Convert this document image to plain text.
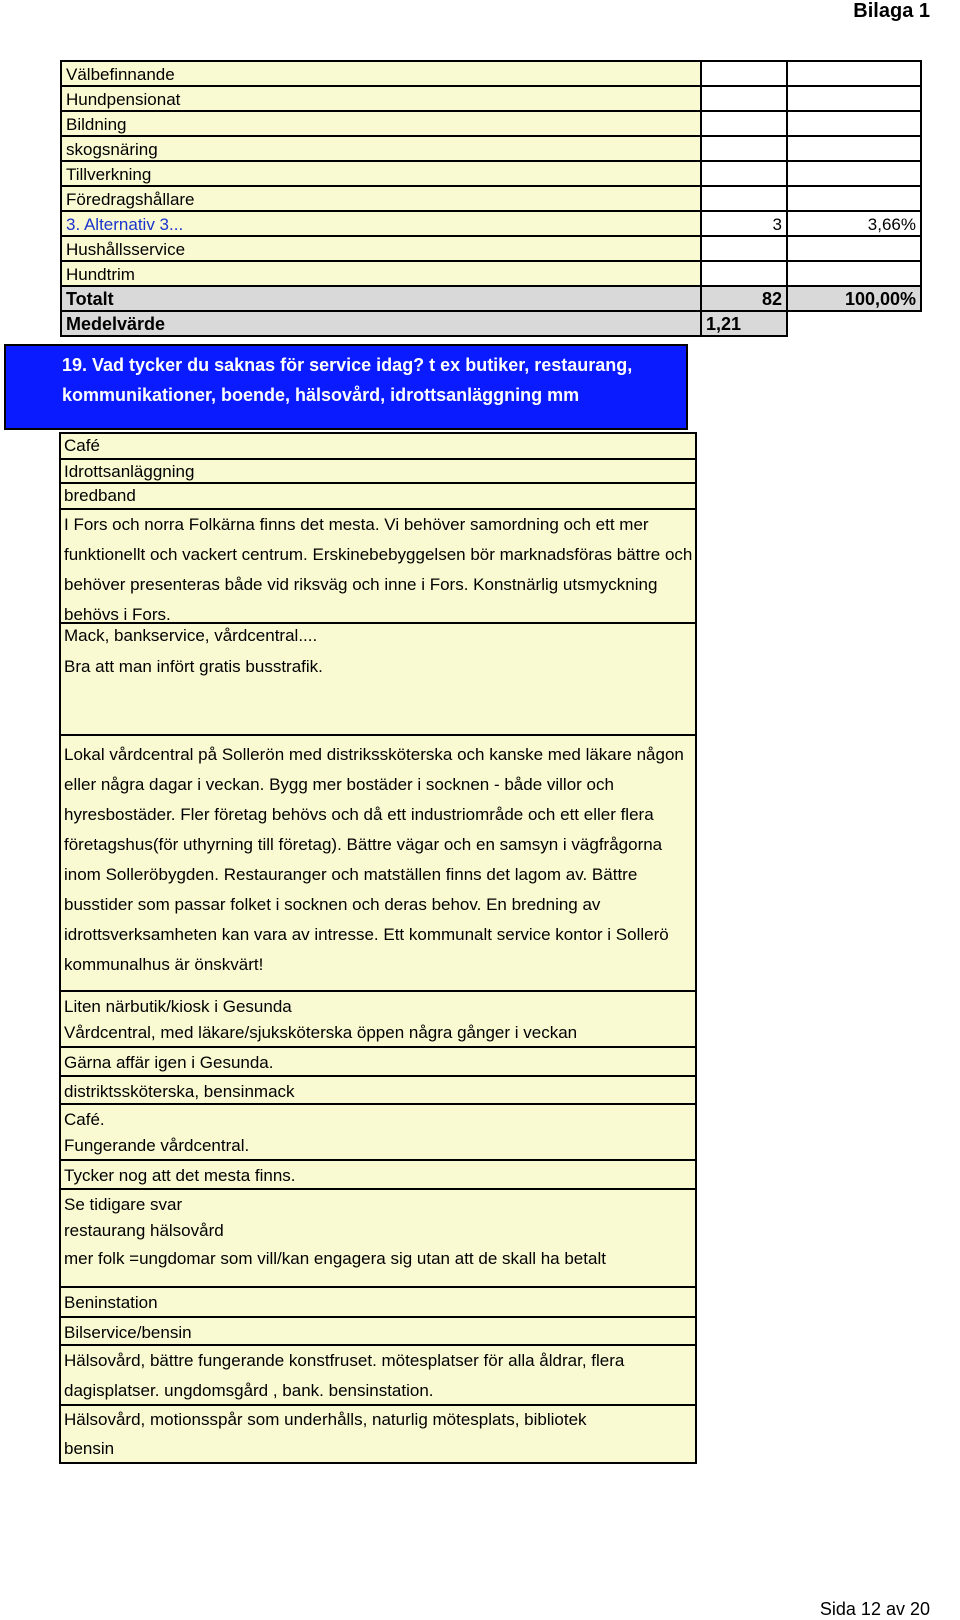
Bilaga 1
Välbefinnande		
Hundpensionat		
Bildning		
skogsnäring		
Tillverkning		
Föredragshållare		
3. Alternativ 3...	3	3,66%
Hushållsservice		
Hundtrim		
Totalt	82	100,00%
Medelvärde	1,21	
19. Vad tycker du saknas för service idag? t ex butiker, restaurang,
kommunikationer, boende, hälsovård, idrottsanläggning mm
Café
Idrottsanläggning
bredband
I Fors och norra Folkärna finns det mesta. Vi behöver samordning och ett mer funktionellt och vackert centrum. Erskinebebyggelsen bör marknadsföras bättre och behöver presenteras både vid riksväg och inne i Fors. Konstnärlig utsmyckning behövs i Fors.
Mack, bankservice, vårdcentral....
Bra att man infört gratis busstrafik.
Lokal vårdcentral på Sollerön med distrikssköterska och kanske med läkare någon eller några dagar i veckan. Bygg mer bostäder i socknen - både villor och hyresbostäder. Fler företag behövs och då ett industriområde och ett eller flera företagshus(för uthyrning till företag). Bättre vägar och en samsyn i vägfrågorna inom Solleröbygden. Restauranger och matställen finns det lagom av. Bättre busstider som passar folket i socknen och deras behov. En bredning av idrottsverksamheten kan vara av intresse. Ett kommunalt service kontor i Sollerö kommunalhus är önskvärt!
Liten närbutik/kiosk i Gesunda
Vårdcentral, med läkare/sjuksköterska öppen några gånger i veckan
Gärna affär igen i Gesunda.
distriktssköterska, bensinmack
Café.
Fungerande vårdcentral.
Tycker nog att det mesta finns.
Se tidigare svar
restaurang hälsovård
mer folk =ungdomar som vill/kan engagera sig utan att de skall ha betalt
Beninstation
Bilservice/bensin
Hälsovård, bättre fungerande konstfruset. mötesplatser för alla åldrar, flera dagisplatser. ungdomsgård , bank. bensinstation.
Hälsovård, motionsspår som underhålls, naturlig mötesplats, bibliotek
bensin
Sida 12 av 20
